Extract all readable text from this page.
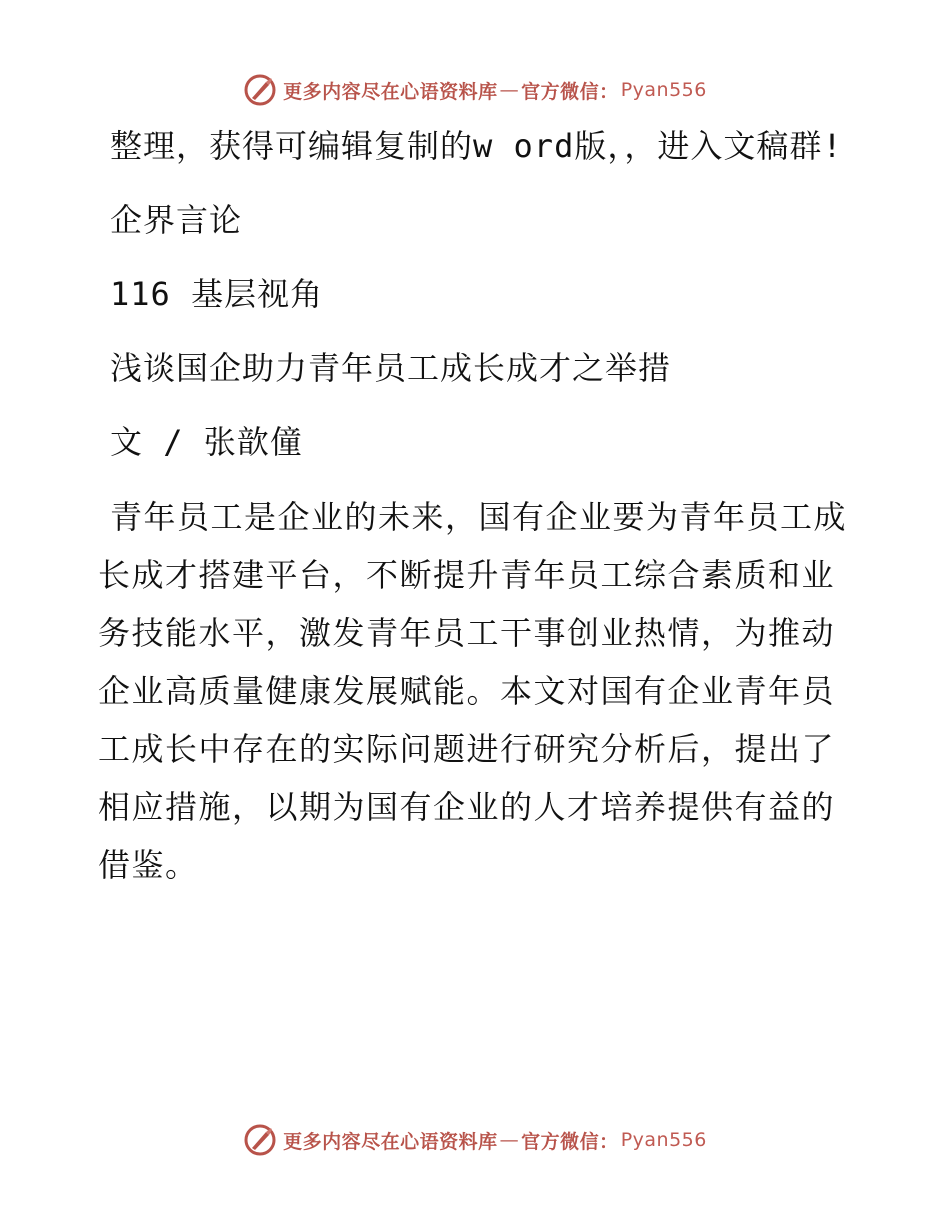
更多内容尽在心语资料库 — 官方微信： Pyan556

整理，获得可编辑复制的w ord版，，进入文稿群!

企界言论

116 基层视角

浅谈国企助力青年员工成长成才之举措

文 / 张歆僮

青年员工是企业的未来，国有企业要为青年员工成长成才搭建平台，不断提升青年员工综合素质和业务技能水平，激发青年员工干事创业热情，为推动企业高质量健康发展赋能。本文对国有企业青年员工成长中存在的实际问题进行研究分析后，提出了相应措施，以期为国有企业的人才培养提供有益的借鉴。

更多内容尽在心语资料库 — 官方微信： Pyan556
